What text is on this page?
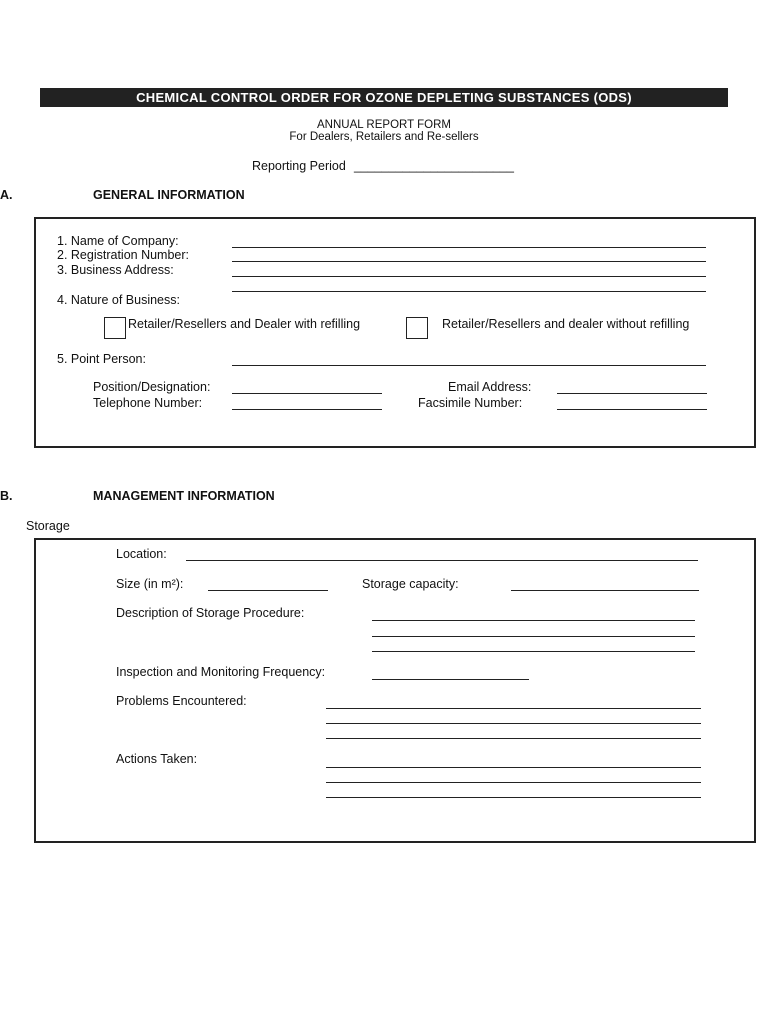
CHEMICAL CONTROL ORDER FOR OZONE DEPLETING SUBSTANCES (ODS)
ANNUAL REPORT FORM
For Dealers, Retailers and Re-sellers
Reporting Period _______________________
A.	GENERAL INFORMATION
1. Name of Company:
2. Registration Number:
3. Business Address:
4. Nature of Business:
Retailer/Resellers and Dealer with refilling	Retailer/Resellers and dealer without refilling
5. Point Person:
Position/Designation:	Email Address:
Telephone Number:	Facsimile Number:
B.	MANAGEMENT INFORMATION
Storage
Location:
Size (in m²):	Storage capacity:
Description of Storage Procedure:
Inspection and Monitoring Frequency:
Problems Encountered:
Actions Taken:
